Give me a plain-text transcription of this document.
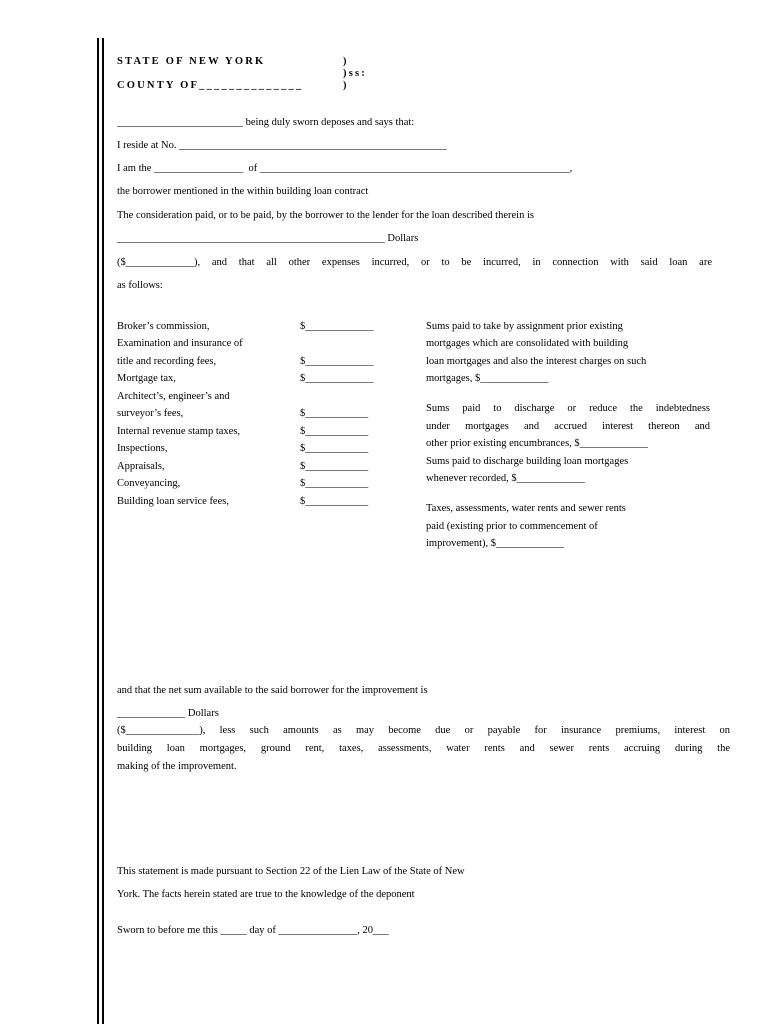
STATE OF NEW YORK
COUNTY OF______________
)
)ss:
)
________________________ being duly sworn deposes and says that:
I reside at No. ___________________________________________________
I am the _________________  of ___________________________________________________________,
the borrower mentioned in the within building loan contract
The consideration paid, or to be paid, by the borrower to the lender for the loan described therein is
___________________________________________________ Dollars
($_____________), and that all other expenses incurred, or to be incurred, in connection with said loan are
as follows:
Broker’s commission,
Examination and insurance of
title and recording fees,
Mortgage tax,
Architect’s, engineer’s and
surveyor’s fees,
Internal revenue stamp taxes,
Inspections,
Appraisals,
Conveyancing,
Building loan service fees,
$_____________
$_____________
$_____________
$____________
$____________
$____________
$____________
$____________
$____________
Sums paid to take by assignment prior existing
mortgages which are consolidated with building
loan mortgages and also the interest charges on such
mortgages, $_____________
Sums paid to discharge or reduce the indebtedness
under mortgages and accrued interest thereon and
other prior existing encumbrances, $_____________
Sums paid to discharge building loan mortgages
whenever recorded, $_____________
Taxes, assessments, water rents and sewer rents
paid (existing prior to commencement of
improvement), $_____________
and that the net sum available to the said borrower for the improvement is
_____________ Dollars
($______________), less such amounts as may become due or payable for insurance premiums, interest on
building loan mortgages, ground rent, taxes, assessments, water rents and sewer rents accruing during the
making of the improvement.
This statement is made pursuant to Section 22 of the Lien Law of the State of New
York. The facts herein stated are true to the knowledge of the deponent
Sworn to before me this _____ day of _______________, 20___
